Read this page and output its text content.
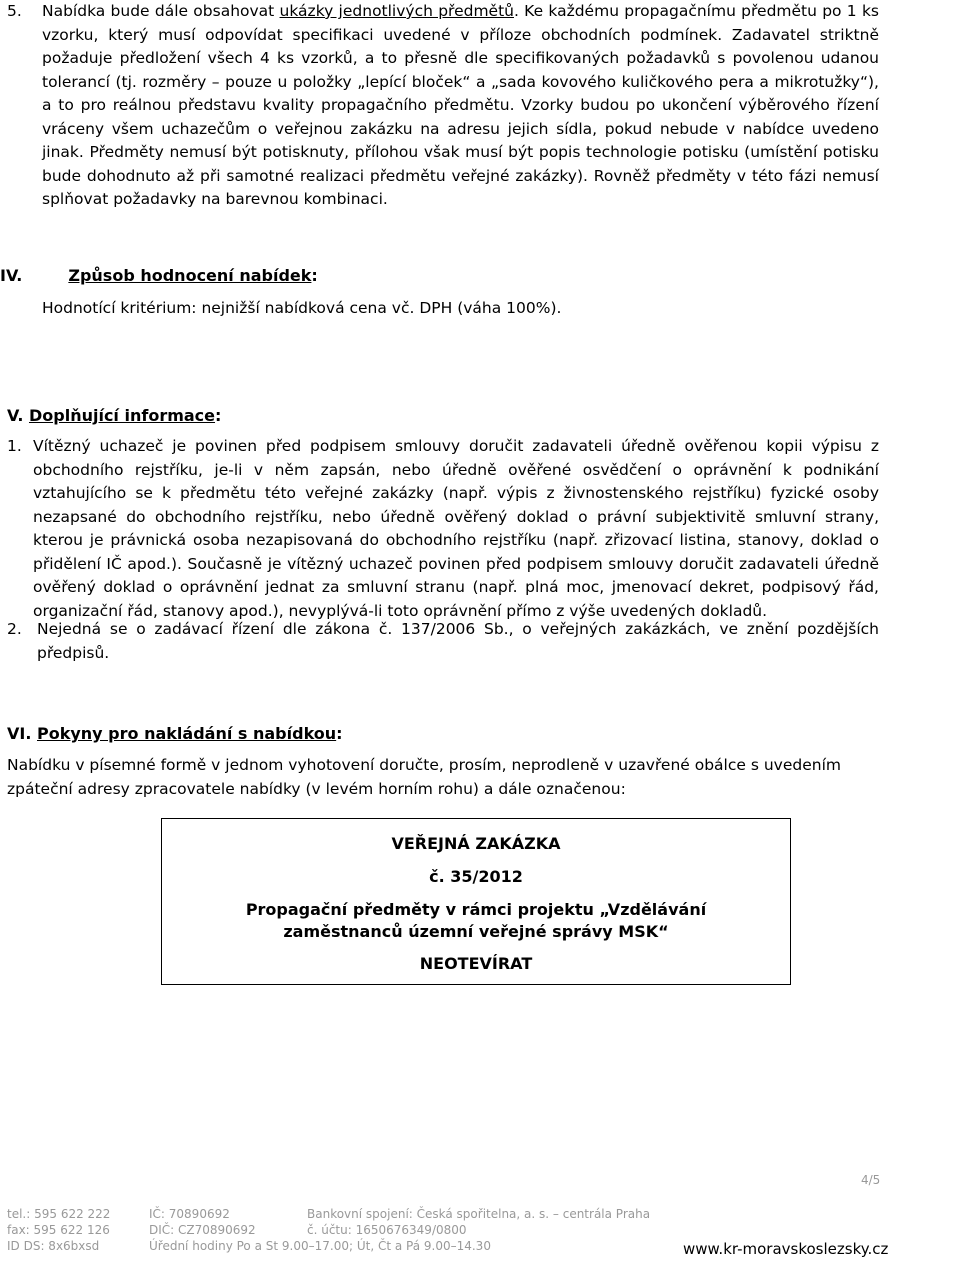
5. Nabídka bude dále obsahovat ukázky jednotlivých předmětů. Ke každému propagačnímu předmětu po 1 ks vzorku, který musí odpovídat specifikaci uvedené v příloze obchodních podmínek. Zadavatel striktně požaduje předložení všech 4 ks vzorků, a to přesně dle specifikovaných požadavků s povolenou udanou tolerancí (tj. rozměry – pouze u položky „lepící bloček“ a „sada kovového kuličkového pera a mikrotužky“), a to pro reálnou představu kvality propagačního předmětu. Vzorky budou po ukončení výběrového řízení vráceny všem uchazečům o veřejnou zakázku na adresu jejich sídla, pokud nebude v nabídce uvedeno jinak. Předměty nemusí být potisknuty, přílohou však musí být popis technologie potisku (umístění potisku bude dohodnuto až při samotné realizaci předmětu veřejné zakázky). Rovněž předměty v této fázi nemusí splňovat požadavky na barevnou kombinaci.
IV.	Způsob hodnocení nabídek:
Hodnotící kritérium: nejnižší nabídková cena vč. DPH (váha 100%).
V. Doplňující informace:
1. Vítězný uchazeč je povinen před podpisem smlouvy doručit zadavateli úředně ověřenou kopii výpisu z obchodního rejstříku, je-li v něm zapsán, nebo úředně ověřené osvědčení o oprávnění k podnikání vztahujícího se k předmětu této veřejné zakázky (např. výpis z živnostenského rejstříku) fyzické osoby nezapsané do obchodního rejstříku, nebo úředně ověřený doklad o právní subjektivitě smluvní strany, kterou je právnická osoba nezapisovaná do obchodního rejstříku (např. zřizovací listina, stanovy, doklad o přidělení IČ apod.). Současně je vítězný uchazeč povinen před podpisem smlouvy doručit zadavateli úředně ověřený doklad o oprávnění jednat za smluvní stranu (např. plná moc, jmenovací dekret, podpisový řád, organizační řád, stanovy apod.), nevyplývá-li toto oprávnění přímo z výše uvedených dokladů.
2. Nejedná se o zadávací řízení dle zákona č. 137/2006 Sb., o veřejných zakázkách, ve znění pozdějších předpisů.
VI. Pokyny pro nakládání s nabídkou:
Nabídku v písemné formě v jednom vyhotovení doručte, prosím, neprodleně v uzavřené obálce s uvedením zpáteční adresy zpracovatele nabídky (v levém horním rohu) a dále označenou:
VEŘEJNÁ ZAKÁZKA
č. 35/2012
Propagační předměty v rámci projektu „Vzdělávání
zaměstnanců územní veřejné správy MSK“
NEOTEVÍRAT
4/5
tel.: 595 622 222
fax: 595 622 126
ID DS: 8x6bxsd
IČ: 70890692
DIČ: CZ70890692
Úřední hodiny Po a St 9.00–17.00; Út, Čt a Pá 9.00–14.30
Bankovní spojení: Česká spořitelna, a. s. – centrála Praha
č. účtu: 1650676349/0800
www.kr-moravskoslezsky.cz
